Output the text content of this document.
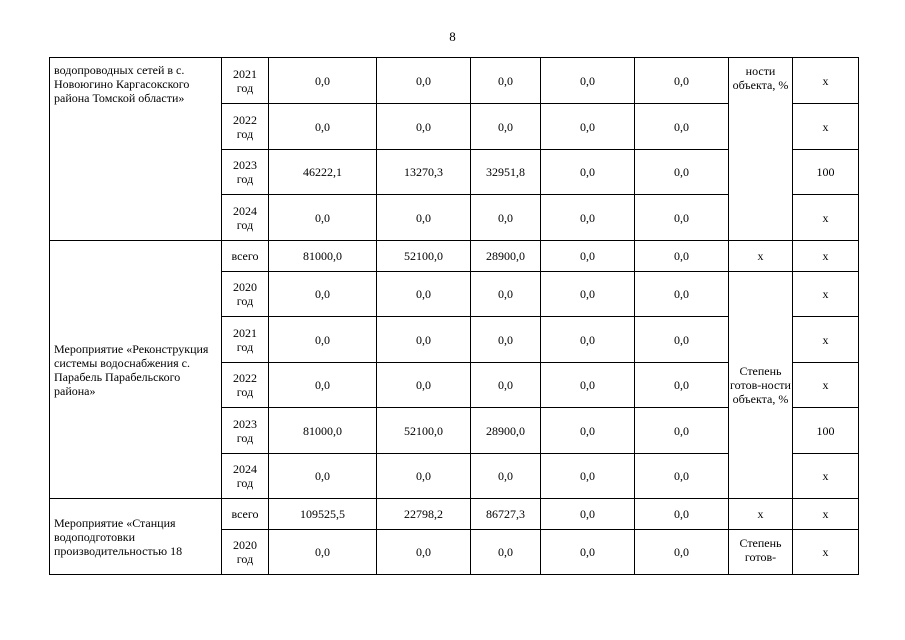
8
водопроводных сетей в с. Новоюгино Каргасокского района Томской области»	2021 год	0,0	0,0	0,0	0,0	0,0	ности объекта, %	x
	2022 год	0,0	0,0	0,0	0,0	0,0		x
	2023 год	46222,1	13270,3	32951,8	0,0	0,0		100
	2024 год	0,0	0,0	0,0	0,0	0,0		x
Мероприятие «Реконструкция системы водоснабжения с. Парабель Парабельского района»	всего	81000,0	52100,0	28900,0	0,0	0,0	x	x
	2020 год	0,0	0,0	0,0	0,0	0,0	Степень готов-ности объекта, %	x
	2021 год	0,0	0,0	0,0	0,0	0,0		x
	2022 год	0,0	0,0	0,0	0,0	0,0		x
	2023 год	81000,0	52100,0	28900,0	0,0	0,0		100
	2024 год	0,0	0,0	0,0	0,0	0,0		x
Мероприятие «Станция водоподготовки производительностью 18	всего	109525,5	22798,2	86727,3	0,0	0,0	x	x
	2020 год	0,0	0,0	0,0	0,0	0,0	Степень готов-	x
